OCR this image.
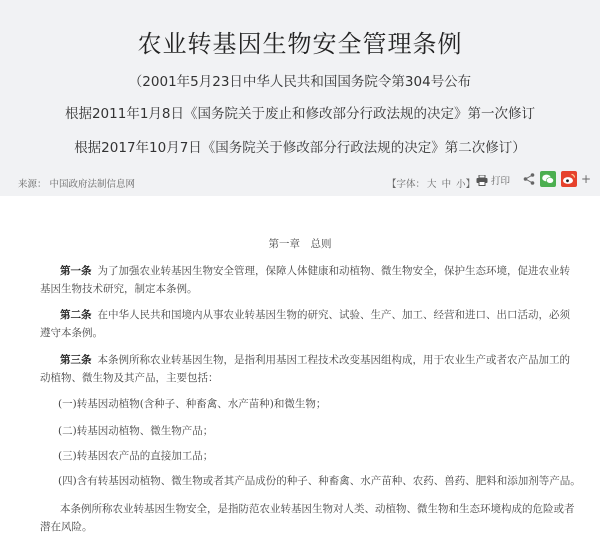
农业转基因生物安全管理条例
（2001年5月23日中华人民共和国国务院令第304号公布
根据2011年1月8日《国务院关于废止和修改部分行政法规的决定》第一次修订
根据2017年10月7日《国务院关于修改部分行政法规的决定》第二次修订）
来源： 中国政府法制信息网	【字体： 大 中 小】 打印	+
第一章　总则
第一条 为了加强农业转基因生物安全管理，保障人体健康和动植物、微生物安全，保护生态环境，促进农业转基因生物技术研究，制定本条例。
第二条 在中华人民共和国境内从事农业转基因生物的研究、试验、生产、加工、经营和进口、出口活动，必须遵守本条例。
第三条 本条例所称农业转基因生物，是指利用基因工程技术改变基因组构成，用于农业生产或者农产品加工的动植物、微生物及其产品，主要包括：
(一)转基因动植物(含种子、种畜禽、水产苗种)和微生物；
(二)转基因动植物、微生物产品；
(三)转基因农产品的直接加工品；
(四)含有转基因动植物、微生物或者其产品成份的种子、种畜禽、水产苗种、农药、兽药、肥料和添加剂等产品。
本条例所称农业转基因生物安全，是指防范农业转基因生物对人类、动植物、微生物和生态环境构成的危险或者潜在风险。
